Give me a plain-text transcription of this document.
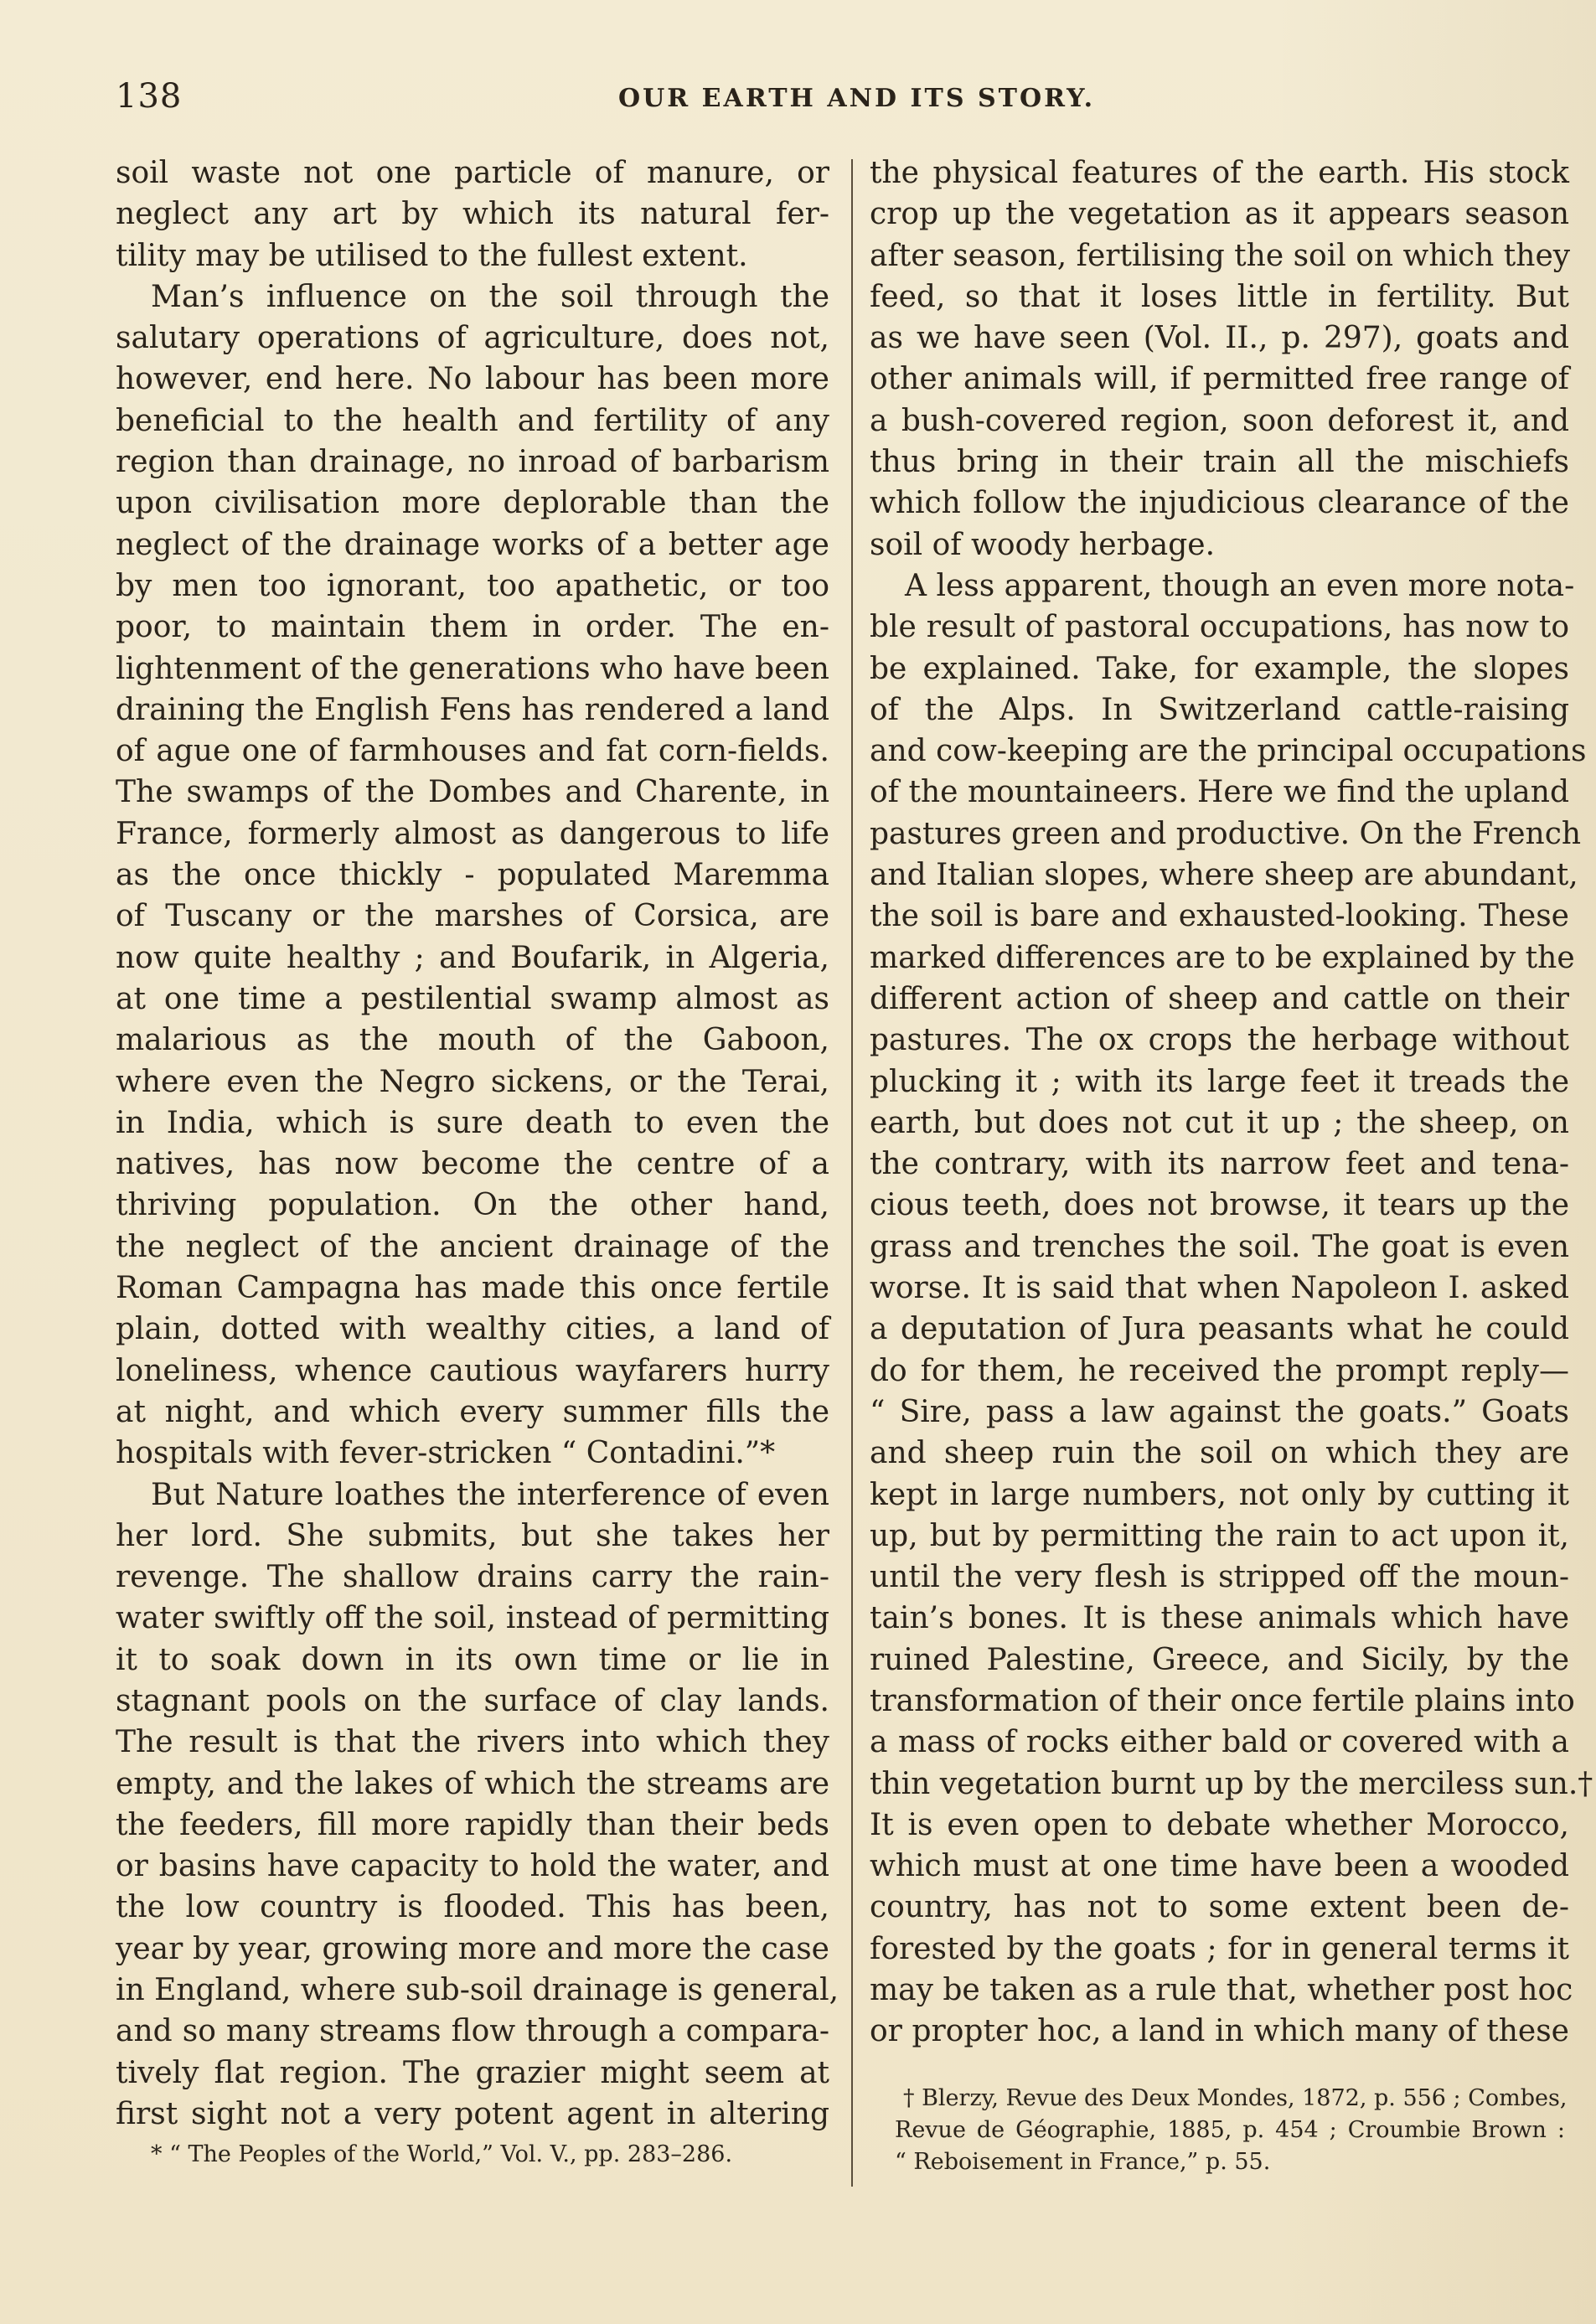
138	OUR EARTH AND ITS STORY.
soil waste not one particle of manure, or
neglect any art by which its natural fer-
tility may be utilised to the fullest extent.
Man’s influence on the soil through the
salutary operations of agriculture, does not,
however, end here. No labour has been more
beneficial to the health and fertility of any
region than drainage, no inroad of barbarism
upon civilisation more deplorable than the
neglect of the drainage works of a better age
by men too ignorant, too apathetic, or too
poor, to maintain them in order. The en-
lightenment of the generations who have been
draining the English Fens has rendered a land
of ague one of farmhouses and fat corn-fields.
The swamps of the Dombes and Charente, in
France, formerly almost as dangerous to life
as the once thickly - populated Maremma
of Tuscany or the marshes of Corsica, are
now quite healthy ; and Boufarik, in Algeria,
at one time a pestilential swamp almost as
malarious as the mouth of the Gaboon,
where even the Negro sickens, or the Terai,
in India, which is sure death to even the
natives, has now become the centre of a
thriving population. On the other hand,
the neglect of the ancient drainage of the
Roman Campagna has made this once fertile
plain, dotted with wealthy cities, a land of
loneliness, whence cautious wayfarers hurry
at night, and which every summer fills the
hospitals with fever-stricken “ Contadini.”*
But Nature loathes the interference of even
her lord. She submits, but she takes her
revenge. The shallow drains carry the rain-
water swiftly off the soil, instead of permitting
it to soak down in its own time or lie in
stagnant pools on the surface of clay lands.
The result is that the rivers into which they
empty, and the lakes of which the streams are
the feeders, fill more rapidly than their beds
or basins have capacity to hold the water, and
the low country is flooded. This has been,
year by year, growing more and more the case
in England, where sub-soil drainage is general,
and so many streams flow through a compara-
tively flat region. The grazier might seem at
first sight not a very potent agent in altering
* “ The Peoples of the World,” Vol. V., pp. 283–286.
the physical features of the earth. His stock
crop up the vegetation as it appears season
after season, fertilising the soil on which they
feed, so that it loses little in fertility. But
as we have seen (Vol. II., p. 297), goats and
other animals will, if permitted free range of
a bush-covered region, soon deforest it, and
thus bring in their train all the mischiefs
which follow the injudicious clearance of the
soil of woody herbage.
A less apparent, though an even more nota-
ble result of pastoral occupations, has now to
be explained. Take, for example, the slopes
of the Alps. In Switzerland cattle-raising
and cow-keeping are the principal occupations
of the mountaineers. Here we find the upland
pastures green and productive. On the French
and Italian slopes, where sheep are abundant,
the soil is bare and exhausted-looking. These
marked differences are to be explained by the
different action of sheep and cattle on their
pastures. The ox crops the herbage without
plucking it ; with its large feet it treads the
earth, but does not cut it up ; the sheep, on
the contrary, with its narrow feet and tena-
cious teeth, does not browse, it tears up the
grass and trenches the soil. The goat is even
worse. It is said that when Napoleon I. asked
a deputation of Jura peasants what he could
do for them, he received the prompt reply—
“ Sire, pass a law against the goats.” Goats
and sheep ruin the soil on which they are
kept in large numbers, not only by cutting it
up, but by permitting the rain to act upon it,
until the very flesh is stripped off the moun-
tain’s bones. It is these animals which have
ruined Palestine, Greece, and Sicily, by the
transformation of their once fertile plains into
a mass of rocks either bald or covered with a
thin vegetation burnt up by the merciless sun.†
It is even open to debate whether Morocco,
which must at one time have been a wooded
country, has not to some extent been de-
forested by the goats ; for in general terms it
may be taken as a rule that, whether post hoc
or propter hoc, a land in which many of these
† Blerzy, Revue des Deux Mondes, 1872, p. 556 ; Combes,
Revue de Géographie, 1885, p. 454 ; Croumbie Brown :
“ Reboisement in France,” p. 55.
